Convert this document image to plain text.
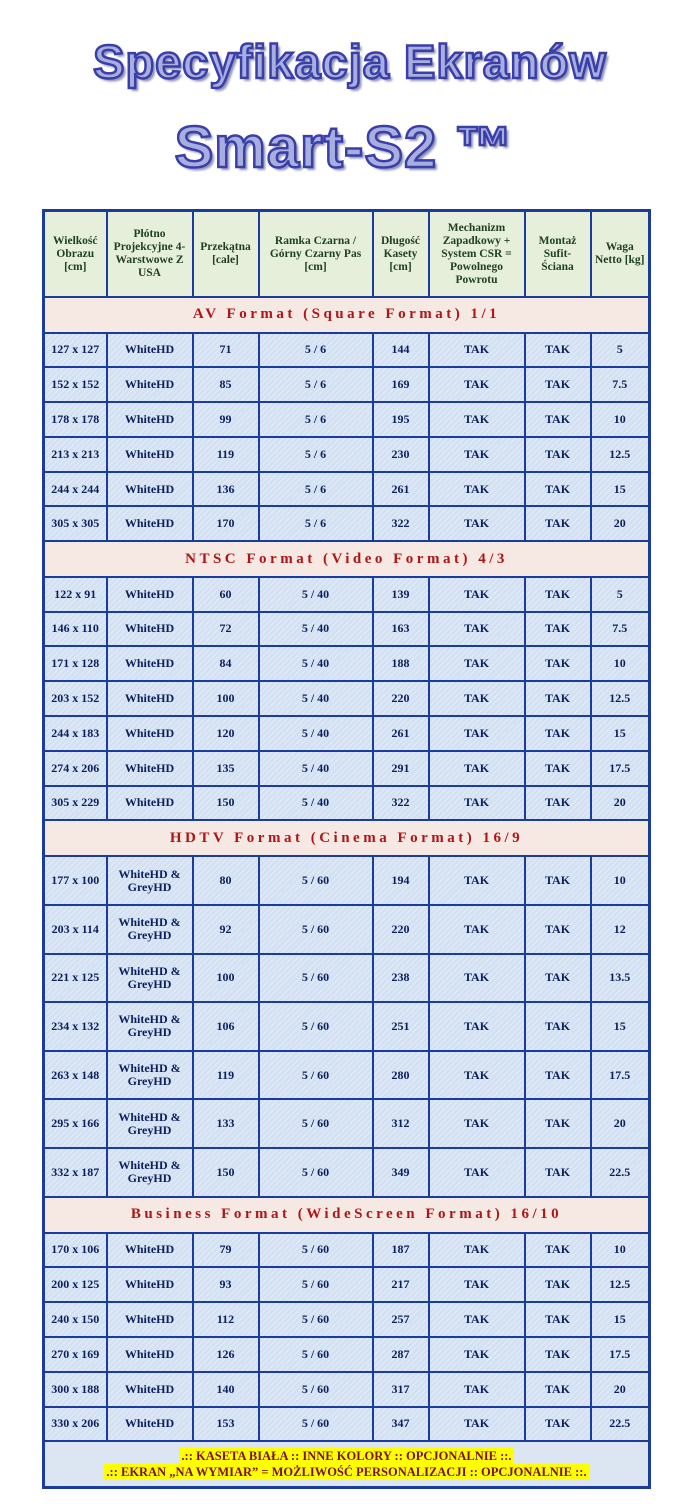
Specyfikacja Ekranów
Smart-S2 ™
Wielkość Obrazu [cm]	Płótno Projekcyjne 4-Warstwowe Z USA	Przekątna [cale]	Ramka Czarna / Górny Czarny Pas [cm]	Długość Kasety [cm]	Mechanizm Zapadkowy + System CSR = Powolnego Powrotu	Montaż Sufit-Ściana	Waga Netto [kg]
AV Format (Square Format) 1/1							
127 x 127	WhiteHD	71	5 / 6	144	TAK	TAK	5
152 x 152	WhiteHD	85	5 / 6	169	TAK	TAK	7.5
178 x 178	WhiteHD	99	5 / 6	195	TAK	TAK	10
213 x 213	WhiteHD	119	5 / 6	230	TAK	TAK	12.5
244 x 244	WhiteHD	136	5 / 6	261	TAK	TAK	15
305 x 305	WhiteHD	170	5 / 6	322	TAK	TAK	20
NTSC Format (Video Format) 4/3							
122 x 91	WhiteHD	60	5 / 40	139	TAK	TAK	5
146 x 110	WhiteHD	72	5 / 40	163	TAK	TAK	7.5
171 x 128	WhiteHD	84	5 / 40	188	TAK	TAK	10
203 x 152	WhiteHD	100	5 / 40	220	TAK	TAK	12.5
244 x 183	WhiteHD	120	5 / 40	261	TAK	TAK	15
274 x 206	WhiteHD	135	5 / 40	291	TAK	TAK	17.5
305 x 229	WhiteHD	150	5 / 40	322	TAK	TAK	20
HDTV Format (Cinema Format) 16/9							
177 x 100	WhiteHD & GreyHD	80	5 / 60	194	TAK	TAK	10
203 x 114	WhiteHD & GreyHD	92	5 / 60	220	TAK	TAK	12
221 x 125	WhiteHD & GreyHD	100	5 / 60	238	TAK	TAK	13.5
234 x 132	WhiteHD & GreyHD	106	5 / 60	251	TAK	TAK	15
263 x 148	WhiteHD & GreyHD	119	5 / 60	280	TAK	TAK	17.5
295 x 166	WhiteHD & GreyHD	133	5 / 60	312	TAK	TAK	20
332 x 187	WhiteHD & GreyHD	150	5 / 60	349	TAK	TAK	22.5
Business Format (WideScreen Format) 16/10							
170 x 106	WhiteHD	79	5 / 60	187	TAK	TAK	10
200 x 125	WhiteHD	93	5 / 60	217	TAK	TAK	12.5
240 x 150	WhiteHD	112	5 / 60	257	TAK	TAK	15
270 x 169	WhiteHD	126	5 / 60	287	TAK	TAK	17.5
300 x 188	WhiteHD	140	5 / 60	317	TAK	TAK	20
330 x 206	WhiteHD	153	5 / 60	347	TAK	TAK	22.5
.:: KASETA BIAŁA :: INNE KOLORY :: OPCJONALNIE ::.
.:: EKRAN „NA WYMIAR” = MOŻLIWOŚĆ PERSONALIZACJI :: OPCJONALNIE ::.							
